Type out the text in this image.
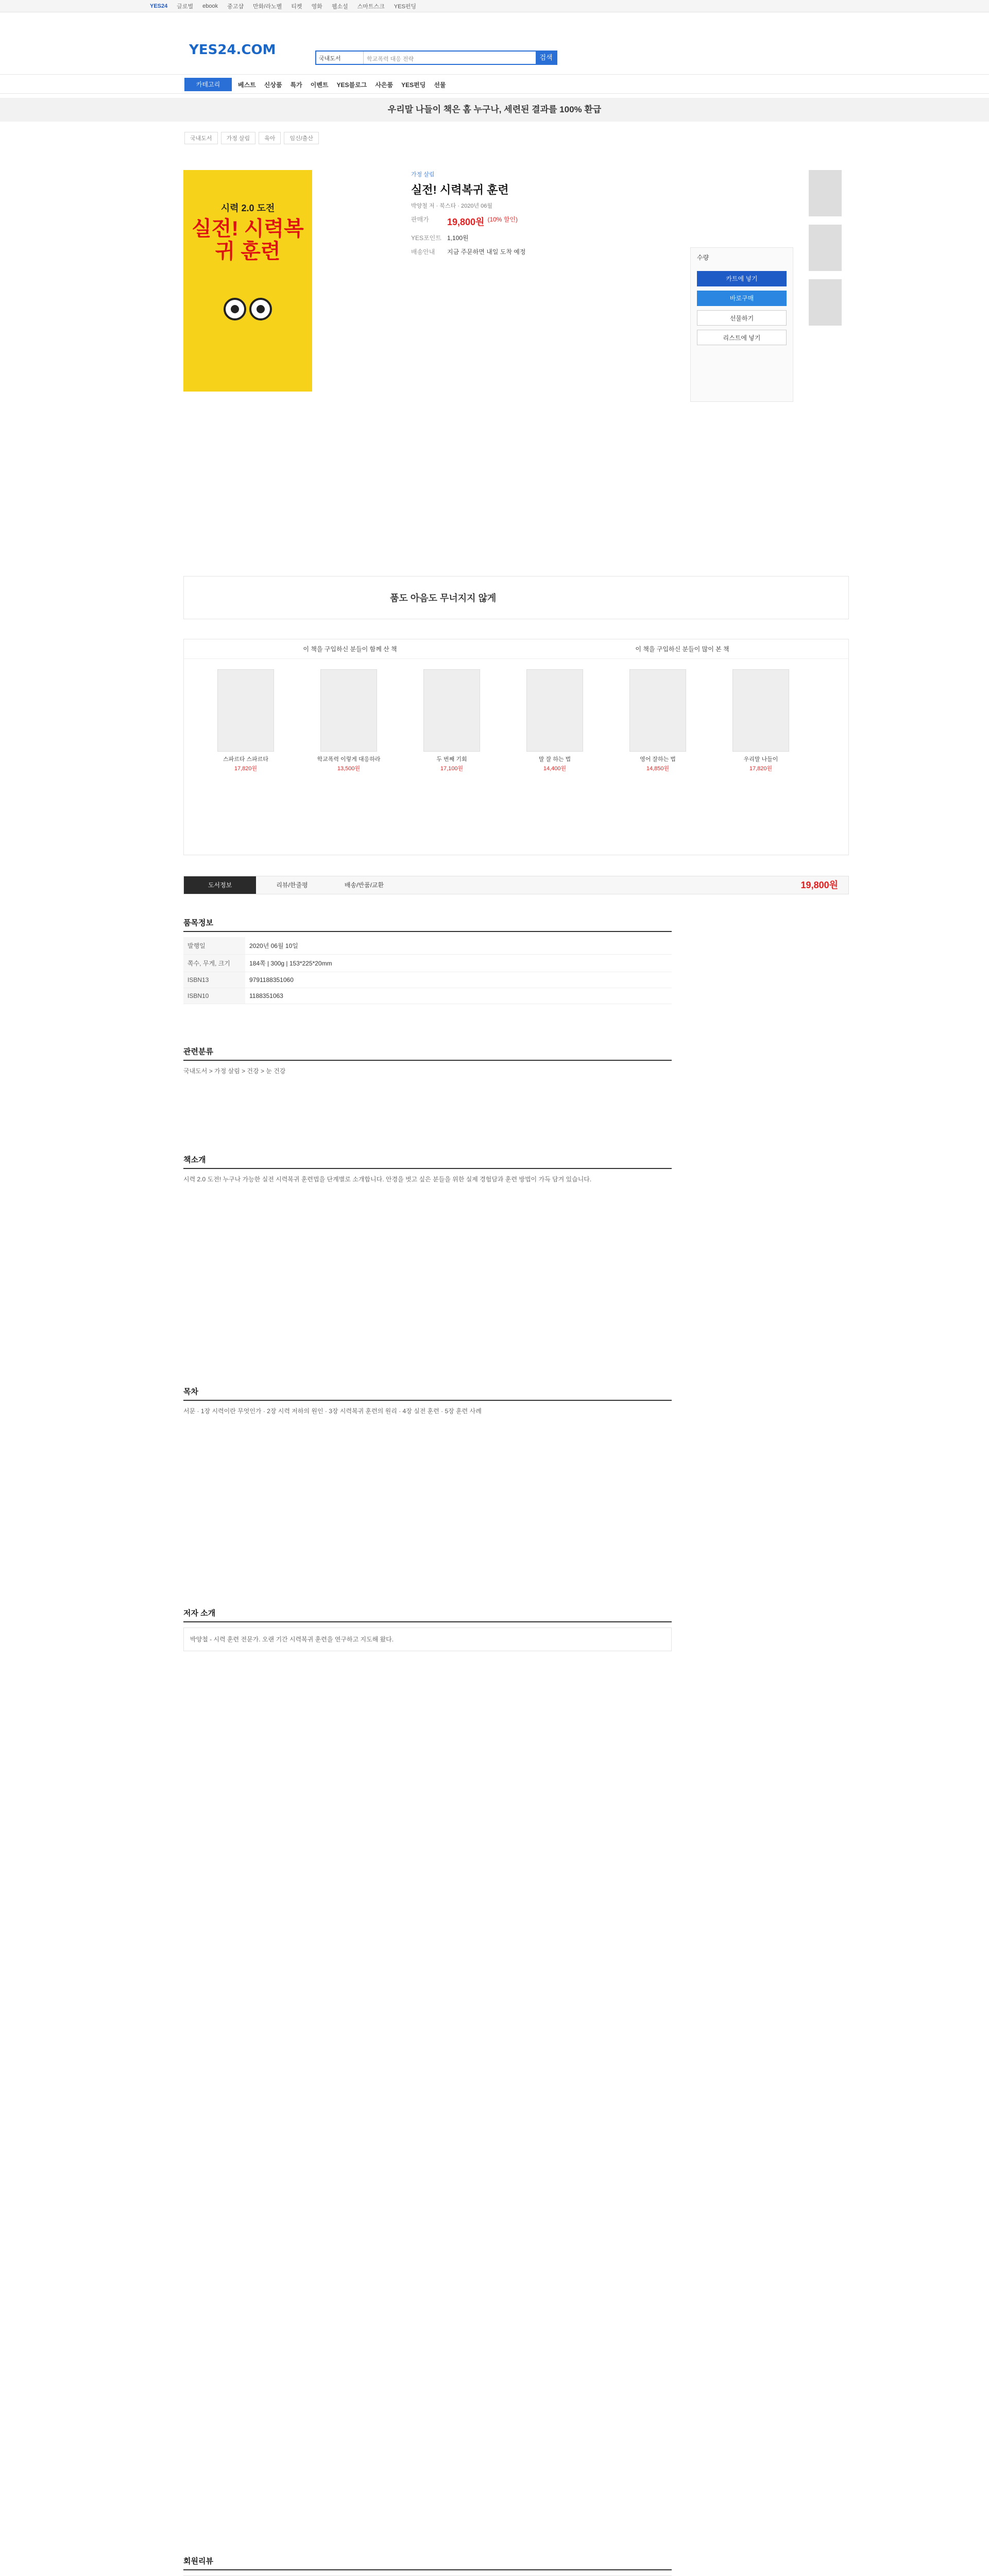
YES24	글로벌	ebook	중고샵	만화/라노벨	티켓	영화	웹소설	스마트스크	YES펀딩
YES24.COM
국내도서	학교폭력 대응 전략	검색
카테고리	베스트 신상품 특가 이벤트 YES블로그 사은품 YES펀딩 선물
우리말 나들이 책은 홈 누구나, 세련된 결과를 100% 환급
국내도서	가정 살림	육아	임신/출산
시력 2.0 도전
실전! 시력복귀 훈련
가정 살림
실전! 시력복귀 훈련
박양철 저 · 북스타 · 2020년 06월
판매가	19,800원 (10% 할인)
YES포인트 1,100원
배송안내	지금 주문하면 내일 도착 예정
수량
카트에 넣기
바로구매
선물하기
리스트에 넣기
품도 아음도 무너지지 않게
이 책을 구입하신 분들이 함께 산 책	이 책을 구입하신 분들이 많이 본 책
스파르타 스파르타
17,820원
학교폭력 이렇게 대응하라
13,500원
두 번째 기회
17,100원
말 잘 하는 법
14,400원
영어 잘하는 법
14,850원
우리말 나들이
17,820원
도서정보	리뷰/한줄평	배송/반품/교환	19,800원
품목정보
발행일	2020년 06월 10일
쪽수, 무게, 크기	184쪽 | 300g | 153*225*20mm
ISBN13	9791188351060
ISBN10	1188351063
관련분류
국내도서 > 가정 살림 > 건강 > 눈 건강
책소개
시력 2.0 도전! 누구나 가능한 실전 시력복귀 훈련법을 단계별로 소개합니다. 안경을 벗고 싶은 분들을 위한 실제 경험담과 훈련 방법이 가득 담겨 있습니다.
목차
서문 · 1장 시력이란 무엇인가 · 2장 시력 저하의 원인 · 3장 시력복귀 훈련의 원리 · 4장 실전 훈련 · 5장 훈련 사례
저자 소개
박양철 - 시력 훈련 전문가. 오랜 기간 시력복귀 훈련을 연구하고 지도해 왔다.
회원리뷰
